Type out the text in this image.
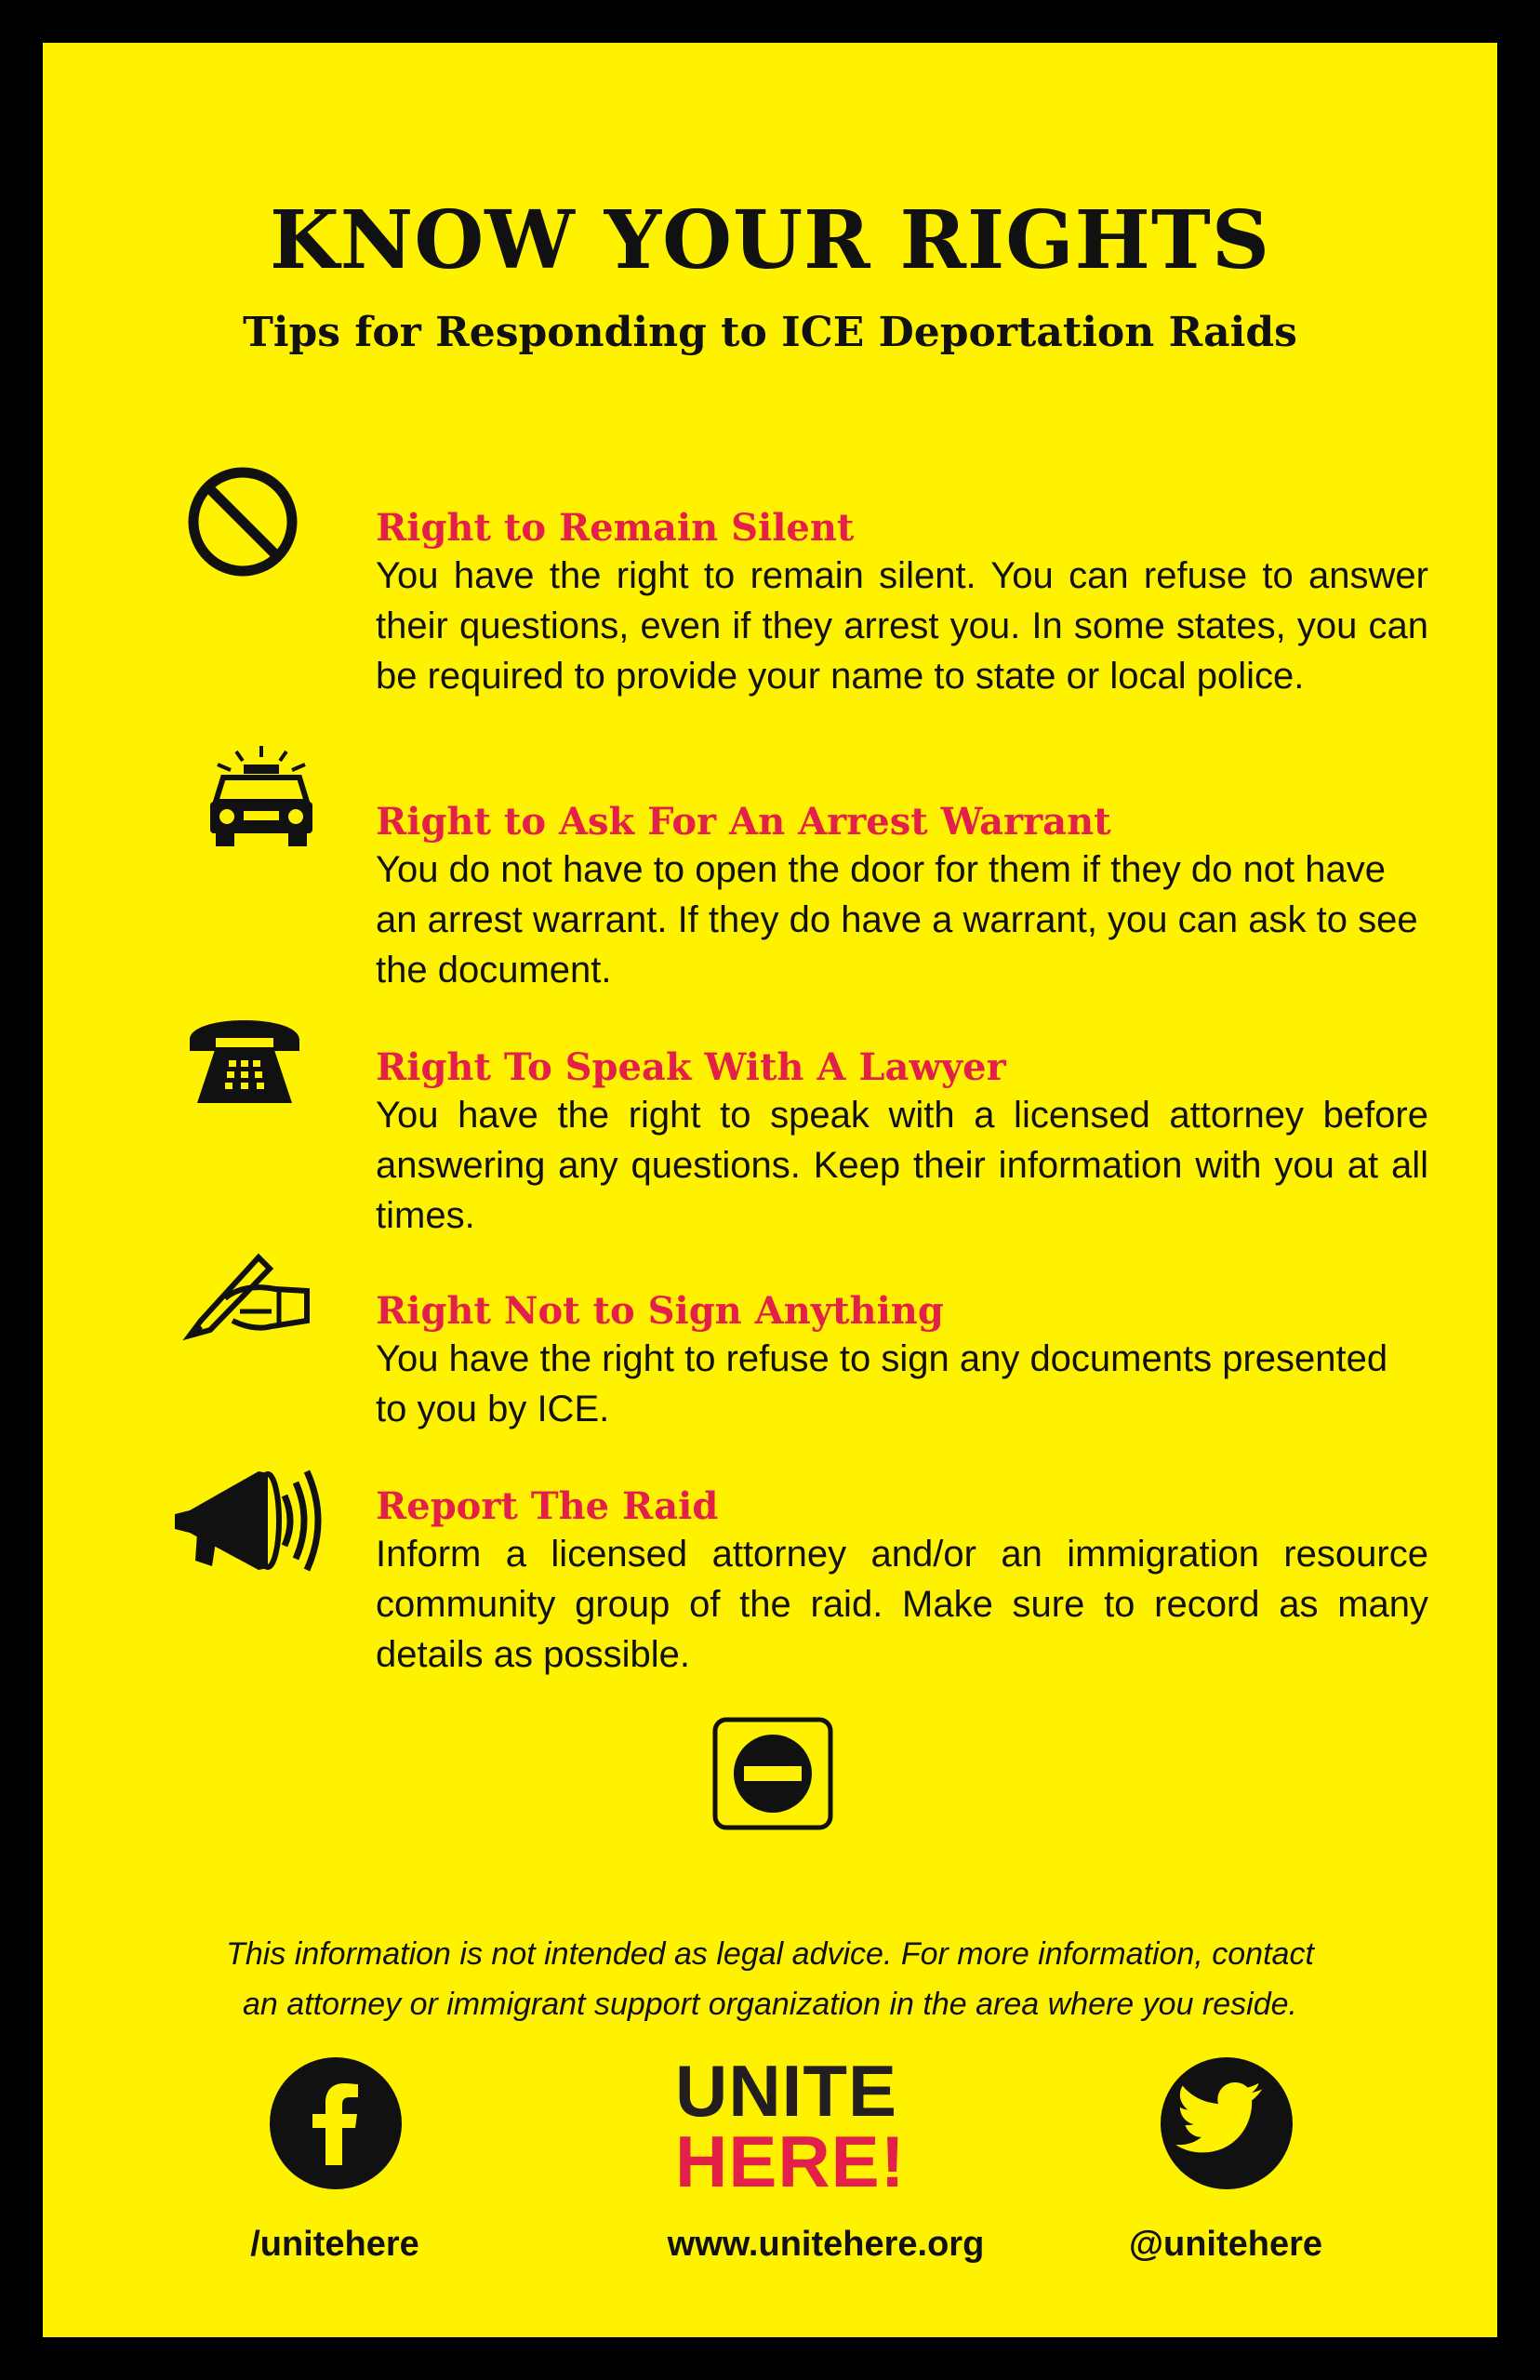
KNOW YOUR RIGHTS
Tips for Responding to ICE Deportation Raids
Right to Remain Silent

You have the right to remain silent. You can refuse to answer their questions, even if they arrest you. In some states, you can be required to provide your name to state or local police.

Right to Ask For An Arrest Warrant

You do not have to open the door for them if they do not have an arrest warrant. If they do have a warrant, you can ask to see the document.

Right To Speak With A Lawyer

You have the right to speak with a licensed attorney before answering any questions. Keep their information with you at all times.

Right Not to Sign Anything

You have the right to refuse to sign any documents presented to you by ICE.

Report The Raid

Inform a licensed attorney and/or an immigration resource community group of the raid. Make sure to record as many details as possible.

This information is not intended as legal advice. For more information, contact
an attorney or immigrant support organization in the area where you reside.
/unitehere
UNITE
HERE!
www.unitehere.org	@unitehere
